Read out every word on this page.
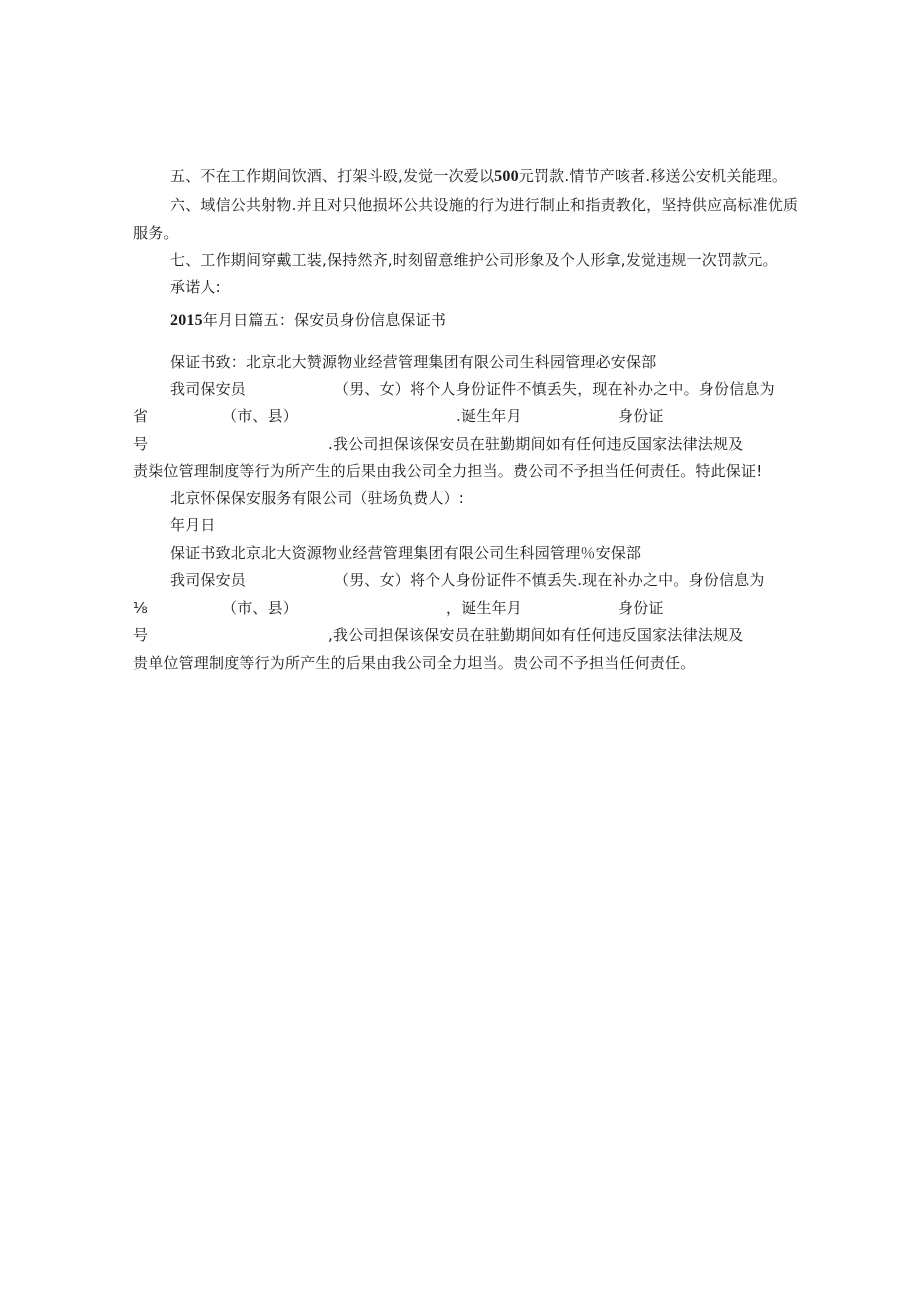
五、不在工作期间饮酒、打架斗殴,发觉一次爱以500元罚款.情节产咳者.移送公安机关能理。
六、域信公共射物.并且对只他损坏公共设施的行为进行制止和指责教化，坚持供应高标准优质
服务。
七、工作期间穿戴工装,保持然齐,时刻留意维护公司形象及个人形拿,发觉违规一次罚款元。
承诺人:
2015年月日篇五：保安员身份信息保证书
保证书致：北京北大赞源物业经营管理集团有限公司生科园管理必安保部
我司保安员	（男、女）将个人身份证件不慎丢失，现在补办之中。身份信息为
省	（市、县）	.诞生年月	身份证
号	.我公司担保该保安员在驻勤期间如有任何违反国家法律法规及
责柒位管理制度等行为所产生的后果由我公司全力担当。费公司不予担当任何责任。特此保证!
北京怀保保安服务有限公司（驻场负费人）:
年月日
保证书致北京北大资源物业经营管理集团有限公司生科园管理％安保部
我司保安员	（男、女）将个人身份证件不慎丢失.现在补办之中。身份信息为
⅛	（市、县）	，诞生年月	身份证
号	,我公司担保该保安员在驻勤期间如有任何违反国家法律法规及
贵单位管理制度等行为所产生的后果由我公司全力坦当。贵公司不予担当任何责任。
